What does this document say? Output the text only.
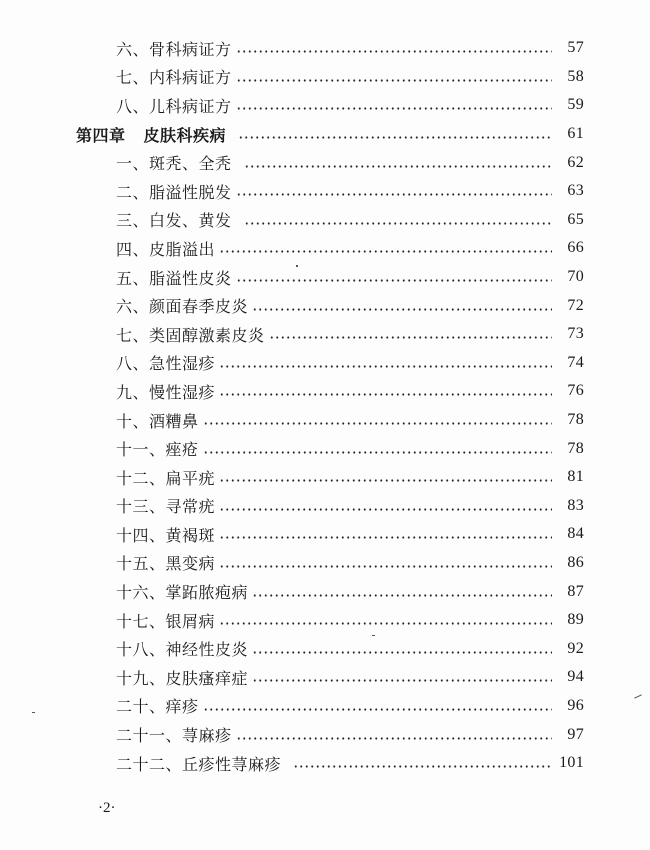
六、骨科病证方	57
七、内科病证方	58
八、儿科病证方	59
第四章 皮肤科疾病	61
一、斑秃、全秃	62
二、脂溢性脱发	63
三、白发、黄发	65
四、皮脂溢出	66
五、脂溢性皮炎	70
六、颜面春季皮炎	72
七、类固醇激素皮炎	73
八、急性湿疹	74
九、慢性湿疹	76
十、酒糟鼻	78
十一、痤疮	78
十二、扁平疣	81
十三、寻常疣	83
十四、黄褐斑	84
十五、黑变病	86
十六、掌跖脓疱病	87
十七、银屑病	89
十八、神经性皮炎	92
十九、皮肤瘙痒症	94
二十、痒疹	96
二十一、荨麻疹	97
二十二、丘疹性荨麻疹	101
·2·
